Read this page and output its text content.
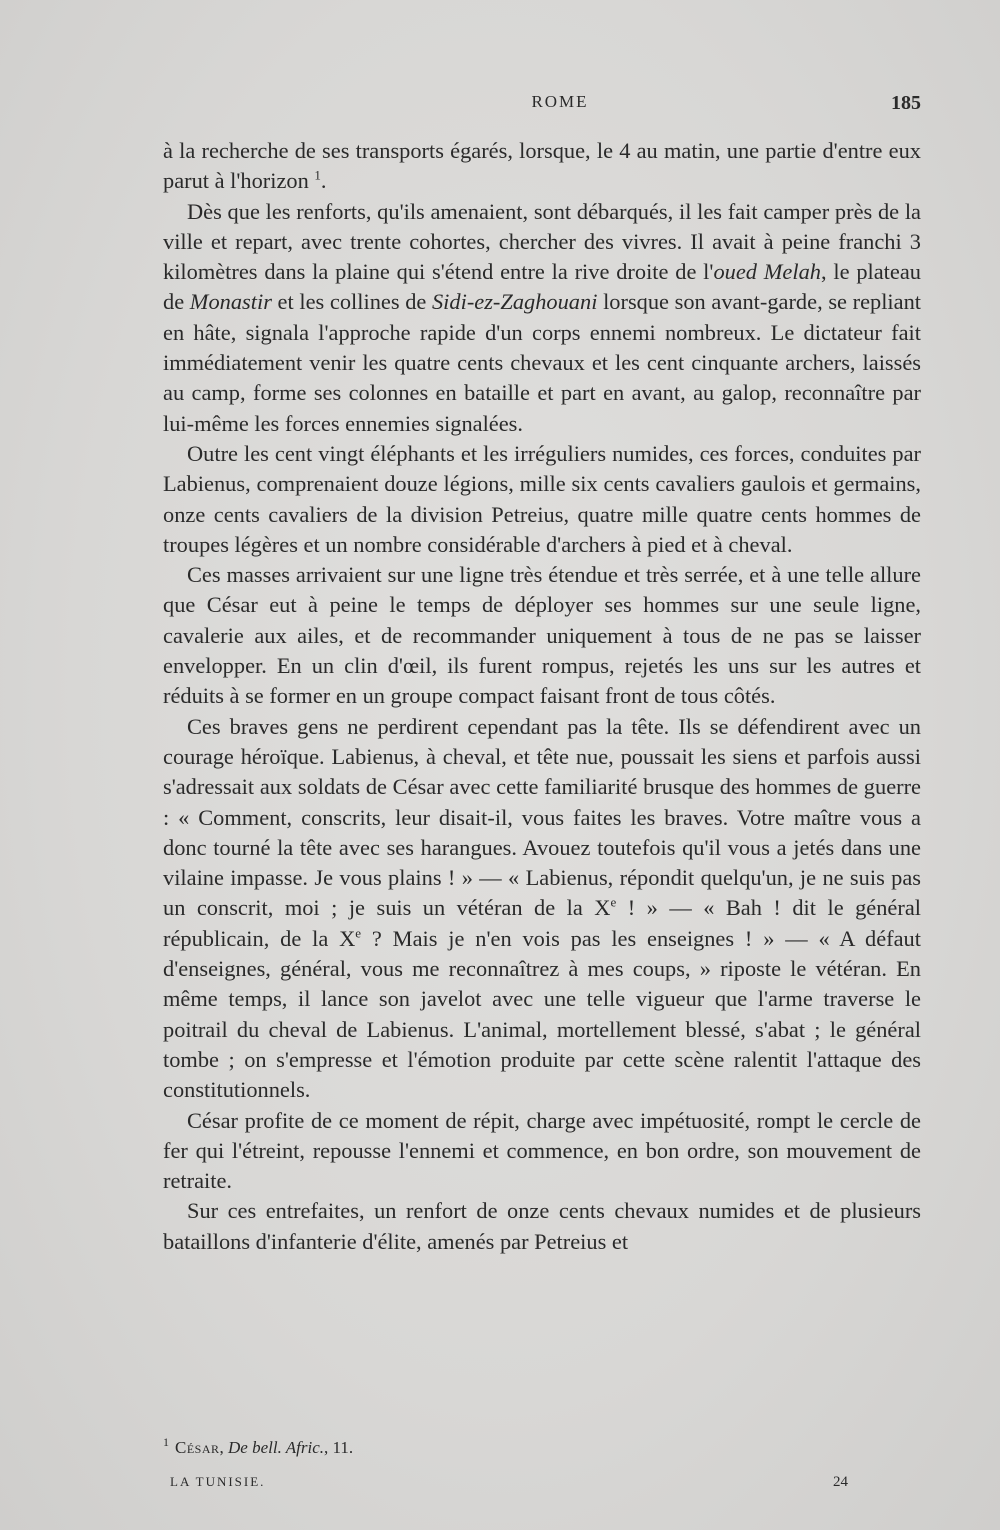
ROME	185

à la recherche de ses transports égarés, lorsque, le 4 au matin, une partie d'entre eux parut à l'horizon $^1$.

Dès que les renforts, qu'ils amenaient, sont débarqués, il les fait camper près de la ville et repart, avec trente cohortes, chercher des vivres. Il avait à peine franchi 3 kilomètres dans la plaine qui s'étend entre la rive droite de l'oued Melah, le plateau de Monastir et les collines de Sidi-ez-Zaghouani lorsque son avant-garde, se repliant en hâte, signala l'approche rapide d'un corps ennemi nombreux. Le dictateur fait immédiatement venir les quatre cents chevaux et les cent cinquante archers, laissés au camp, forme ses colonnes en bataille et part en avant, au galop, reconnaître par lui-même les forces ennemies signalées.

Outre les cent vingt éléphants et les irréguliers numides, ces forces, conduites par Labienus, comprenaient douze légions, mille six cents cavaliers gaulois et germains, onze cents cavaliers de la division Petreius, quatre mille quatre cents hommes de troupes légères et un nombre considérable d'archers à pied et à cheval.

Ces masses arrivaient sur une ligne très étendue et très serrée, et à une telle allure que César eut à peine le temps de déployer ses hommes sur une seule ligne, cavalerie aux ailes, et de recommander uniquement à tous de ne pas se laisser envelopper. En un clin d'œil, ils furent rompus, rejetés les uns sur les autres et réduits à se former en un groupe compact faisant front de tous côtés.

Ces braves gens ne perdirent cependant pas la tête. Ils se défendirent avec un courage héroïque. Labienus, à cheval, et tête nue, poussait les siens et parfois aussi s'adressait aux soldats de César avec cette familiarité brusque des hommes de guerre : « Comment, conscrits, leur disait-il, vous faites les braves. Votre maître vous a donc tourné la tête avec ses harangues. Avouez toutefois qu'il vous a jetés dans une vilaine impasse. Je vous plains ! » — « Labienus, répondit quelqu'un, je ne suis pas un conscrit, moi ; je suis un vétéran de la Xe ! » — « Bah ! dit le général républicain, de la Xe ? Mais je n'en vois pas les enseignes ! » — « A défaut d'enseignes, général, vous me reconnaîtrez à mes coups, » riposte le vétéran. En même temps, il lance son javelot avec une telle vigueur que l'arme traverse le poitrail du cheval de Labienus. L'animal, mortellement blessé, s'abat ; le général tombe ; on s'empresse et l'émotion produite par cette scène ralentit l'attaque des constitutionnels.

César profite de ce moment de répit, charge avec impétuosité, rompt le cercle de fer qui l'étreint, repousse l'ennemi et commence, en bon ordre, son mouvement de retraite.

Sur ces entrefaites, un renfort de onze cents chevaux numides et de plusieurs bataillons d'infanterie d'élite, amenés par Petreius et

$^1$ César, De bell. Afric., 11.
LA TUNISIE.	24
